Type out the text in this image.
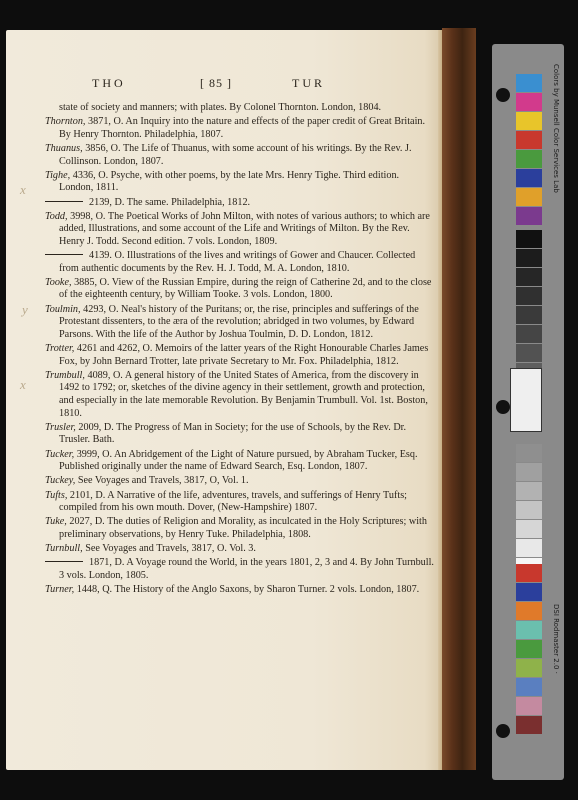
THO	[ 85 ]	TUR
state of society and manners; with plates. By Colonel Thornton. London, 1804.
Thornton, 3871, O. An Inquiry into the nature and effects of the paper credit of Great Britain. By Henry Thornton. Philadelphia, 1807.
Thuanus, 3856, O. The Life of Thuanus, with some account of his writings. By the Rev. J. Collinson. London, 1807.
Tighe, 4336, O. Psyche, with other poems, by the late Mrs. Henry Tighe. Third edition. London, 1811.
2139, D. The same. Philadelphia, 1812.
Todd, 3998, O. The Poetical Works of John Milton, with notes of various authors; to which are added, Illustrations, and some account of the Life and Writings of Milton. By the Rev. Henry J. Todd. Second edition. 7 vols. London, 1809.
4139. O. Illustrations of the lives and writings of Gower and Chaucer. Collected from authentic documents by the Rev. H. J. Todd, M. A. London, 1810.
Tooke, 3885, O. View of the Russian Empire, during the reign of Catherine 2d, and to the close of the eighteenth century, by William Tooke. 3 vols. London, 1800.
Toulmin, 4293, O. Neal's history of the Puritans; or, the rise, principles and sufferings of the Protestant dissenters, to the æra of the revolution; abridged in two volumes, by Edward Parsons. With the life of the Author by Joshua Toulmin, D. D. London, 1812.
Trotter, 4261 and 4262, O. Memoirs of the latter years of the Right Honourable Charles James Fox, by John Bernard Trotter, late private Secretary to Mr. Fox. Philadelphia, 1812.
Trumbull, 4089, O. A general history of the United States of America, from the discovery in 1492 to 1792; or, sketches of the divine agency in their settlement, growth and protection, and especially in the late memorable Revolution. By Benjamin Trumbull. Vol. 1st. Boston, 1810.
Trusler, 2009, D. The Progress of Man in Society; for the use of Schools, by the Rev. Dr. Trusler. Bath.
Tucker, 3999, O. An Abridgement of the Light of Nature pursued, by Abraham Tucker, Esq. Published originally under the name of Edward Search, Esq. London, 1807.
Tuckey, See Voyages and Travels, 3817, O, Vol. 1.
Tufts, 2101, D. A Narrative of the life, adventures, travels, and sufferings of Henry Tufts; compiled from his own mouth. Dover, (New-Hampshire) 1807.
Tuke, 2027, D. The duties of Religion and Morality, as inculcated in the Holy Scriptures; with preliminary observations, by Henry Tuke. Philadelphia, 1808.
Turnbull, See Voyages and Travels, 3817, O. Vol. 3.
1871, D. A Voyage round the World, in the years 1801, 2, 3 and 4. By John Turnbull. 3 vols. London, 1805.
Turner, 1448, Q. The History of the Anglo Saxons, by Sharon Turner. 2 vols. London, 1807.
x
y
x
Colors by Munsell Color Services Lab
DSI Rodmaster 2.0 ·
